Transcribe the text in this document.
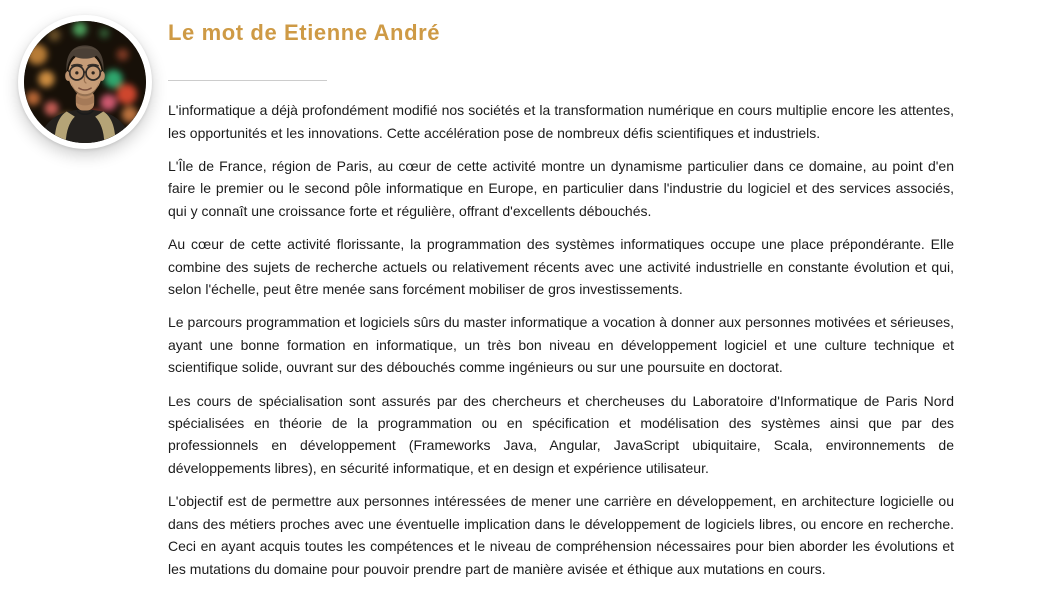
Le mot de Etienne André

L'informatique a déjà profondément modifié nos sociétés et la transformation numérique en cours multiplie encore les attentes, les opportunités et les innovations. Cette accélération pose de nombreux défis scientifiques et industriels.

L'Île de France, région de Paris, au cœur de cette activité montre un dynamisme particulier dans ce domaine, au point d'en faire le premier ou le second pôle informatique en Europe, en particulier dans l'industrie du logiciel et des services associés, qui y connaît une croissance forte et régulière, offrant d'excellents débouchés.

Au cœur de cette activité florissante, la programmation des systèmes informatiques occupe une place prépondérante. Elle combine des sujets de recherche actuels ou relativement récents avec une activité industrielle en constante évolution et qui, selon l'échelle, peut être menée sans forcément mobiliser de gros investissements.

Le parcours programmation et logiciels sûrs du master informatique a vocation à donner aux personnes motivées et sérieuses, ayant une bonne formation en informatique, un très bon niveau en développement logiciel et une culture technique et scientifique solide, ouvrant sur des débouchés comme ingénieurs ou sur une poursuite en doctorat.

Les cours de spécialisation sont assurés par des chercheurs et chercheuses du Laboratoire d'Informatique de Paris Nord spécialisées en théorie de la programmation ou en spécification et modélisation des systèmes ainsi que par des professionnels en développement (Frameworks Java, Angular, JavaScript ubiquitaire, Scala, environnements de développements libres), en sécurité informatique, et en design et expérience utilisateur.

L'objectif est de permettre aux personnes intéressées de mener une carrière en développement, en architecture logicielle ou dans des métiers proches avec une éventuelle implication dans le développement de logiciels libres, ou encore en recherche. Ceci en ayant acquis toutes les compétences et le niveau de compréhension nécessaires pour bien aborder les évolutions et les mutations du domaine pour pouvoir prendre part de manière avisée et éthique aux mutations en cours.
